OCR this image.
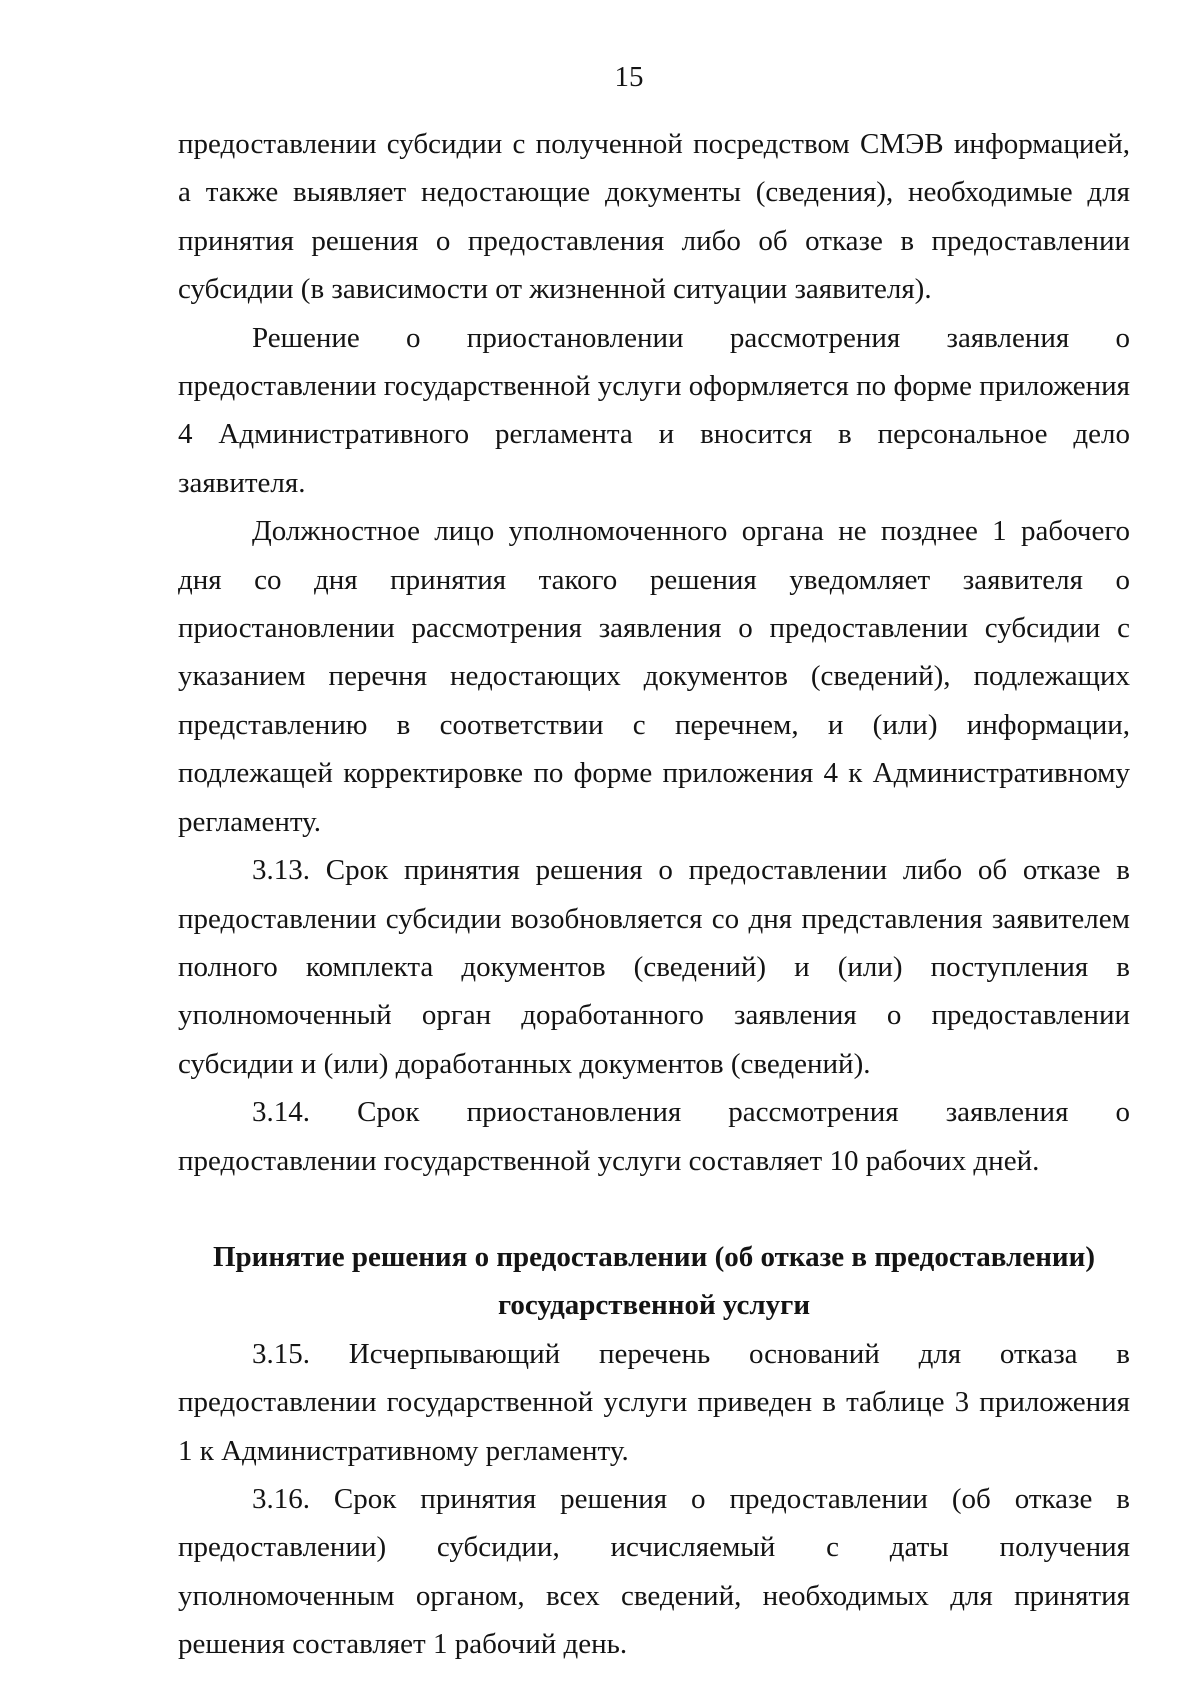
15

предоставлении субсидии с полученной посредством СМЭВ информацией, а также выявляет недостающие документы (сведения), необходимые для принятия решения о предоставления либо об отказе в предоставлении субсидии (в зависимости от жизненной ситуации заявителя).

Решение о приостановлении рассмотрения заявления о предоставлении государственной услуги оформляется по форме приложения 4 Административного регламента и вносится в персональное дело заявителя.

Должностное лицо уполномоченного органа не позднее 1 рабочего дня со дня принятия такого решения уведомляет заявителя о приостановлении рассмотрения заявления о предоставлении субсидии с указанием перечня недостающих документов (сведений), подлежащих представлению в соответствии с перечнем, и (или) информации, подлежащей корректировке по форме приложения 4 к Административному регламенту.

3.13. Срок принятия решения о предоставлении либо об отказе в предоставлении субсидии возобновляется со дня представления заявителем полного комплекта документов (сведений) и (или) поступления в уполномоченный орган доработанного заявления о предоставлении субсидии и (или) доработанных документов (сведений).

3.14. Срок приостановления рассмотрения заявления о предоставлении государственной услуги составляет 10 рабочих дней.

Принятие решения о предоставлении (об отказе в предоставлении)

государственной услуги

3.15. Исчерпывающий перечень оснований для отказа в предоставлении государственной услуги приведен в таблице 3 приложения 1 к Административному регламенту.

3.16. Срок принятия решения о предоставлении (об отказе в предоставлении) субсидии, исчисляемый с даты получения уполномоченным органом, всех сведений, необходимых для принятия решения составляет 1 рабочий день.
